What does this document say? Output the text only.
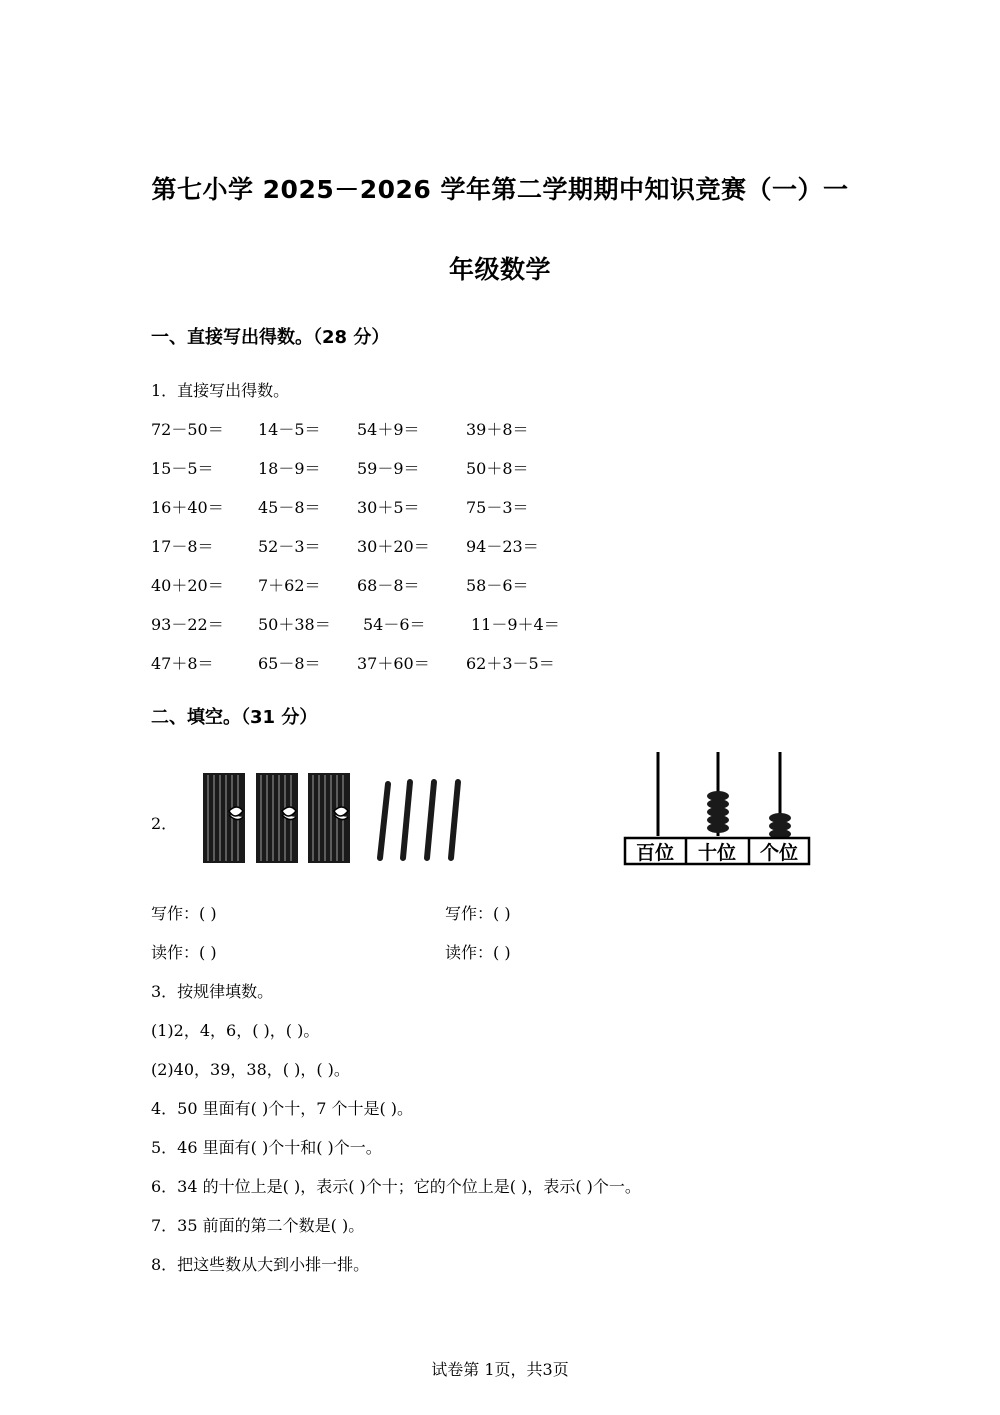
第七小学 2025－2026 学年第二学期期中知识竞赛（一）一
年级数学
一、直接写出得数。（28 分）
1．直接写出得数。
72－50＝ 14－5＝ 54＋9＝	39＋8＝
15－5＝	18－9＝ 59－9＝	50＋8＝
16＋40＝ 45－8＝ 30＋5＝	75－3＝
17－8＝	52－3＝ 30＋20＝ 94－23＝
40＋20＝ 7＋62＝ 68－8＝	58－6＝
93－22＝ 50＋38＝ 54－6＝	11－9＋4＝
47＋8＝	65－8＝ 37＋60＝ 62＋3－5＝
二、填空。（31 分）
2．
百位 十位 个位
写作：( )	写作：( )
读作：( )	读作：( )
3．按规律填数。
(1)2，4，6，( )，( )。
(2)40，39，38，( )，( )。
4．50 里面有( )个十，7 个十是( )。
5．46 里面有( )个十和( )个一。
6．34 的十位上是( )，表示( )个十；它的个位上是( )，表示( )个一。
7．35 前面的第二个数是( )。
8．把这些数从大到小排一排。
试卷第 1页，共3页
